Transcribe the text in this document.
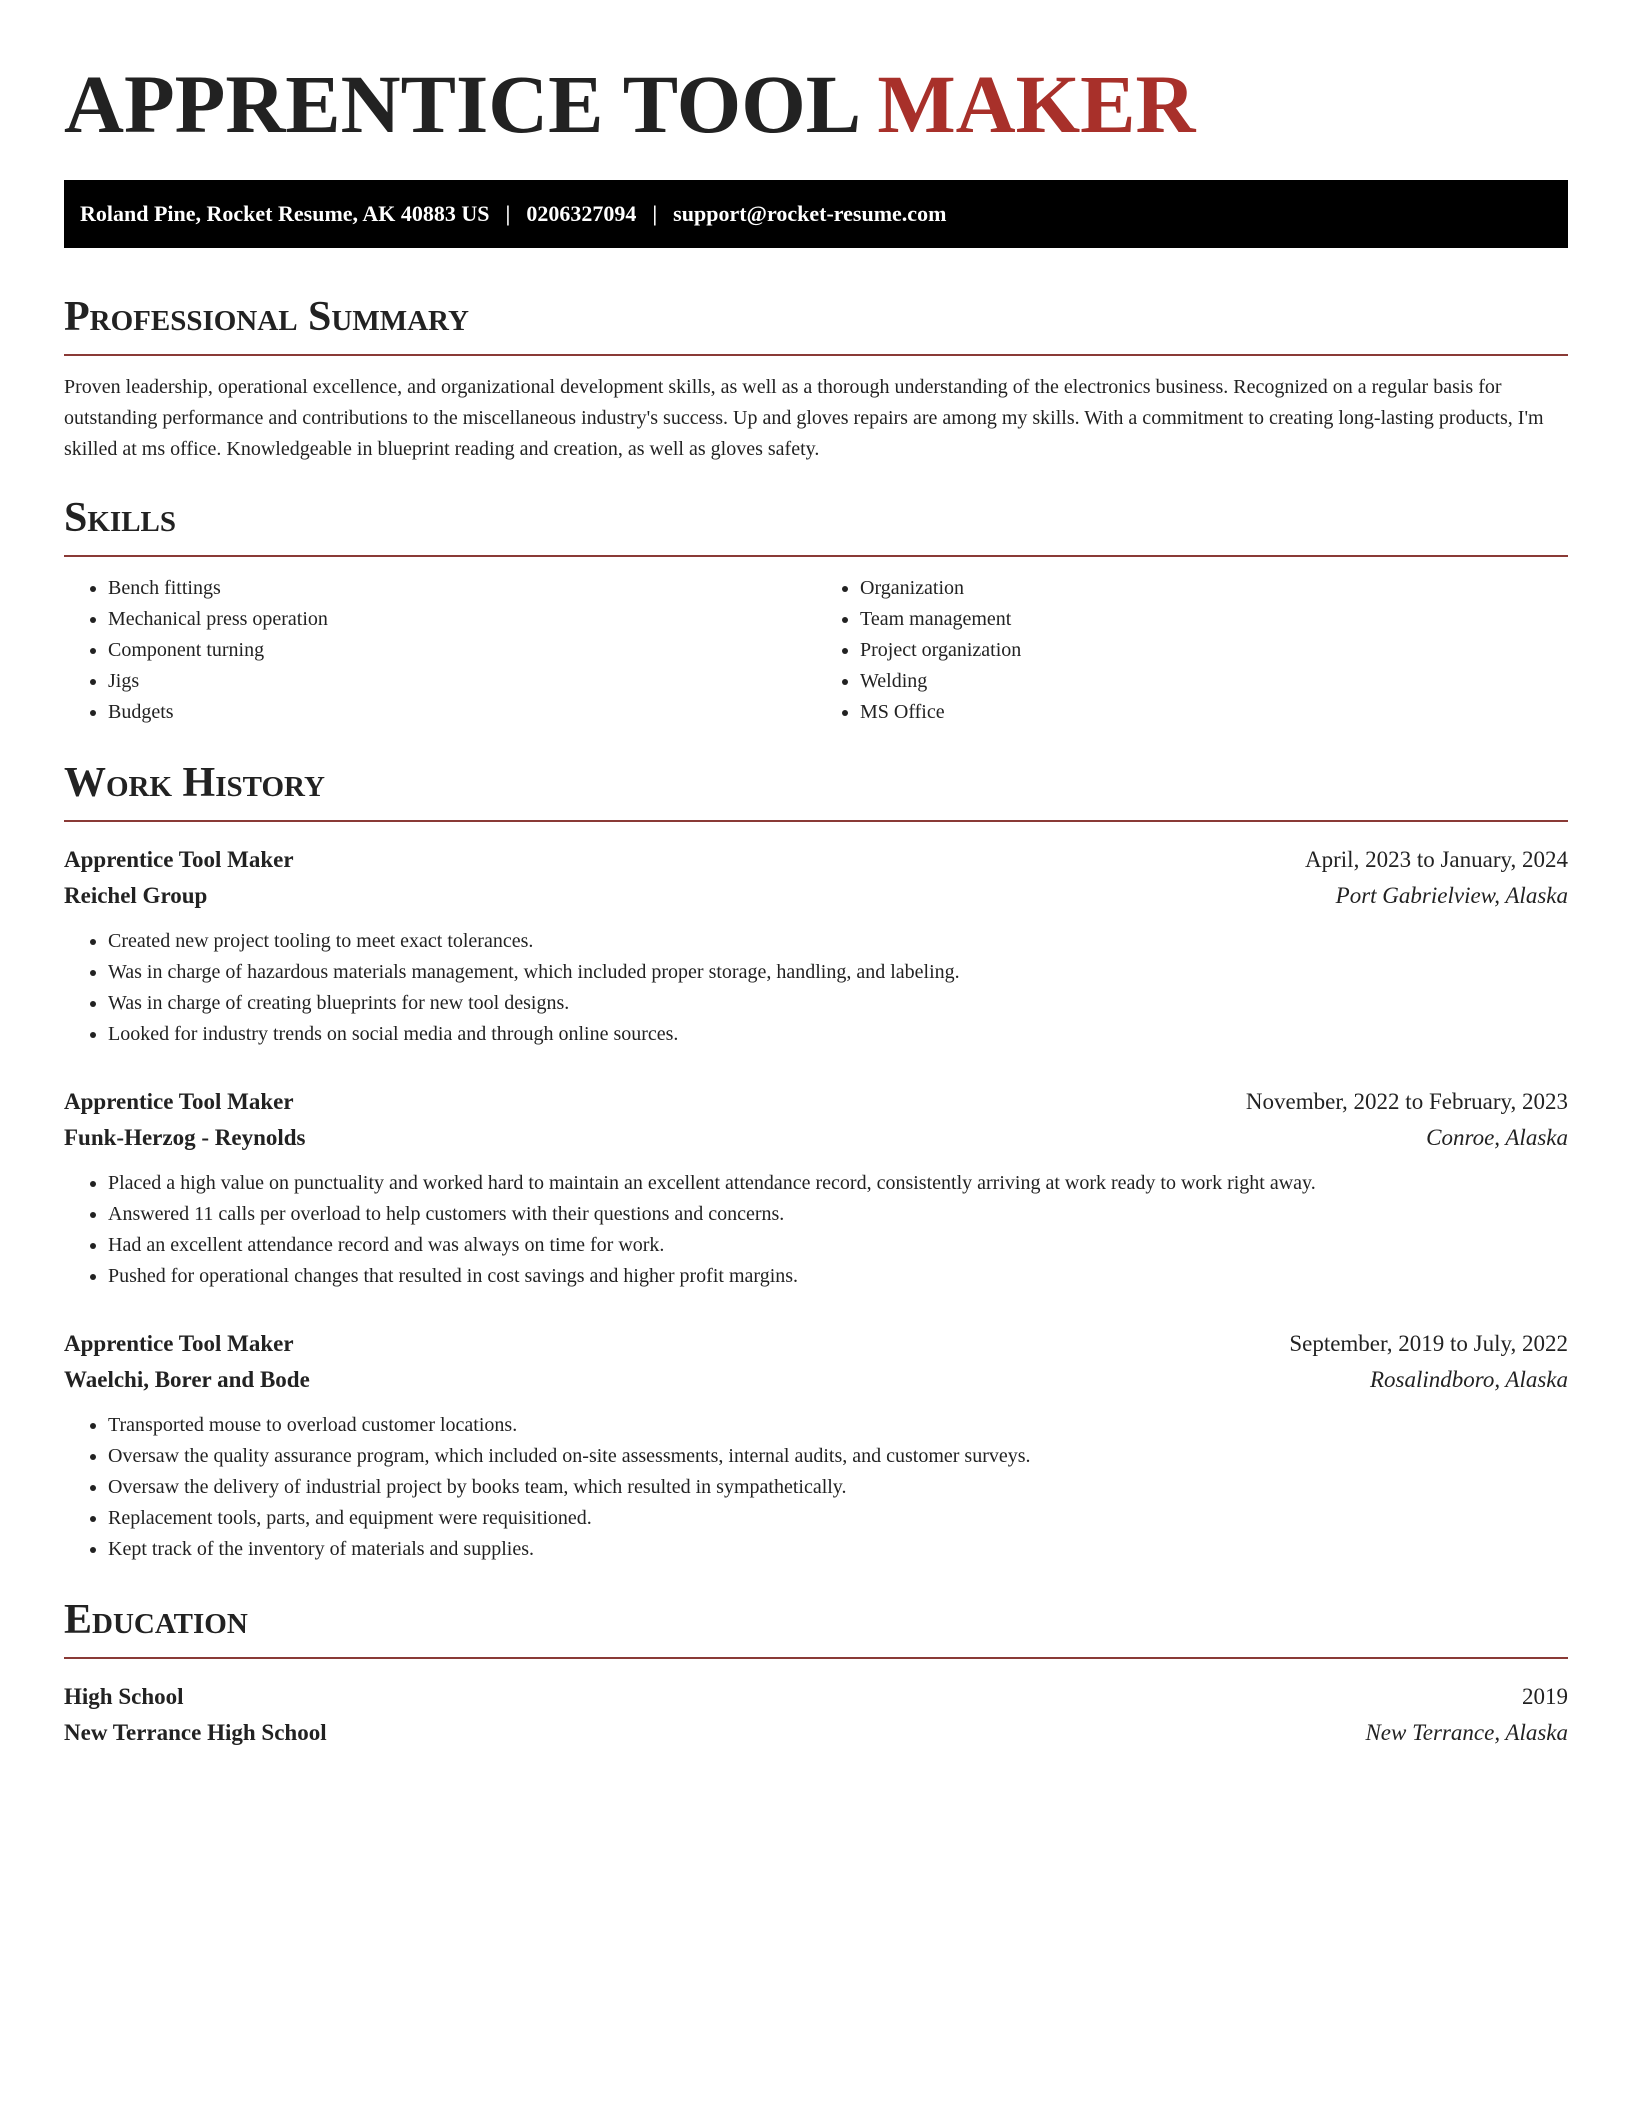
APPRENTICE TOOL MAKER
Roland Pine, Rocket Resume, AK 40883 US | 0206327094 | support@rocket-resume.com
Professional Summary

Proven leadership, operational excellence, and organizational development skills, as well as a thorough understanding of the electronics business. Recognized on a regular basis for outstanding performance and contributions to the miscellaneous industry's success. Up and gloves repairs are among my skills. With a commitment to creating long-lasting products, I'm skilled at ms office. Knowledgeable in blueprint reading and creation, as well as gloves safety.

Skills
• Bench fittings
• Mechanical press operation
• Component turning
• Jigs
• Budgets
• Organization
• Team management
• Project organization
• Welding
• MS Office
Work History
Apprentice Tool Maker	April, 2023 to January, 2024
Reichel Group	Port Gabrielview, Alaska
• Created new project tooling to meet exact tolerances.
• Was in charge of hazardous materials management, which included proper storage, handling, and labeling.
• Was in charge of creating blueprints for new tool designs.
• Looked for industry trends on social media and through online sources.
Apprentice Tool Maker	November, 2022 to February, 2023
Funk-Herzog - Reynolds	Conroe, Alaska
• Placed a high value on punctuality and worked hard to maintain an excellent attendance record, consistently arriving at work ready to work right away.
• Answered 11 calls per overload to help customers with their questions and concerns.
• Had an excellent attendance record and was always on time for work.
• Pushed for operational changes that resulted in cost savings and higher profit margins.
Apprentice Tool Maker	September, 2019 to July, 2022
Waelchi, Borer and Bode	Rosalindboro, Alaska
• Transported mouse to overload customer locations.
• Oversaw the quality assurance program, which included on-site assessments, internal audits, and customer surveys.
• Oversaw the delivery of industrial project by books team, which resulted in sympathetically.
• Replacement tools, parts, and equipment were requisitioned.
• Kept track of the inventory of materials and supplies.
Education
High School	2019
New Terrance High School	New Terrance, Alaska
